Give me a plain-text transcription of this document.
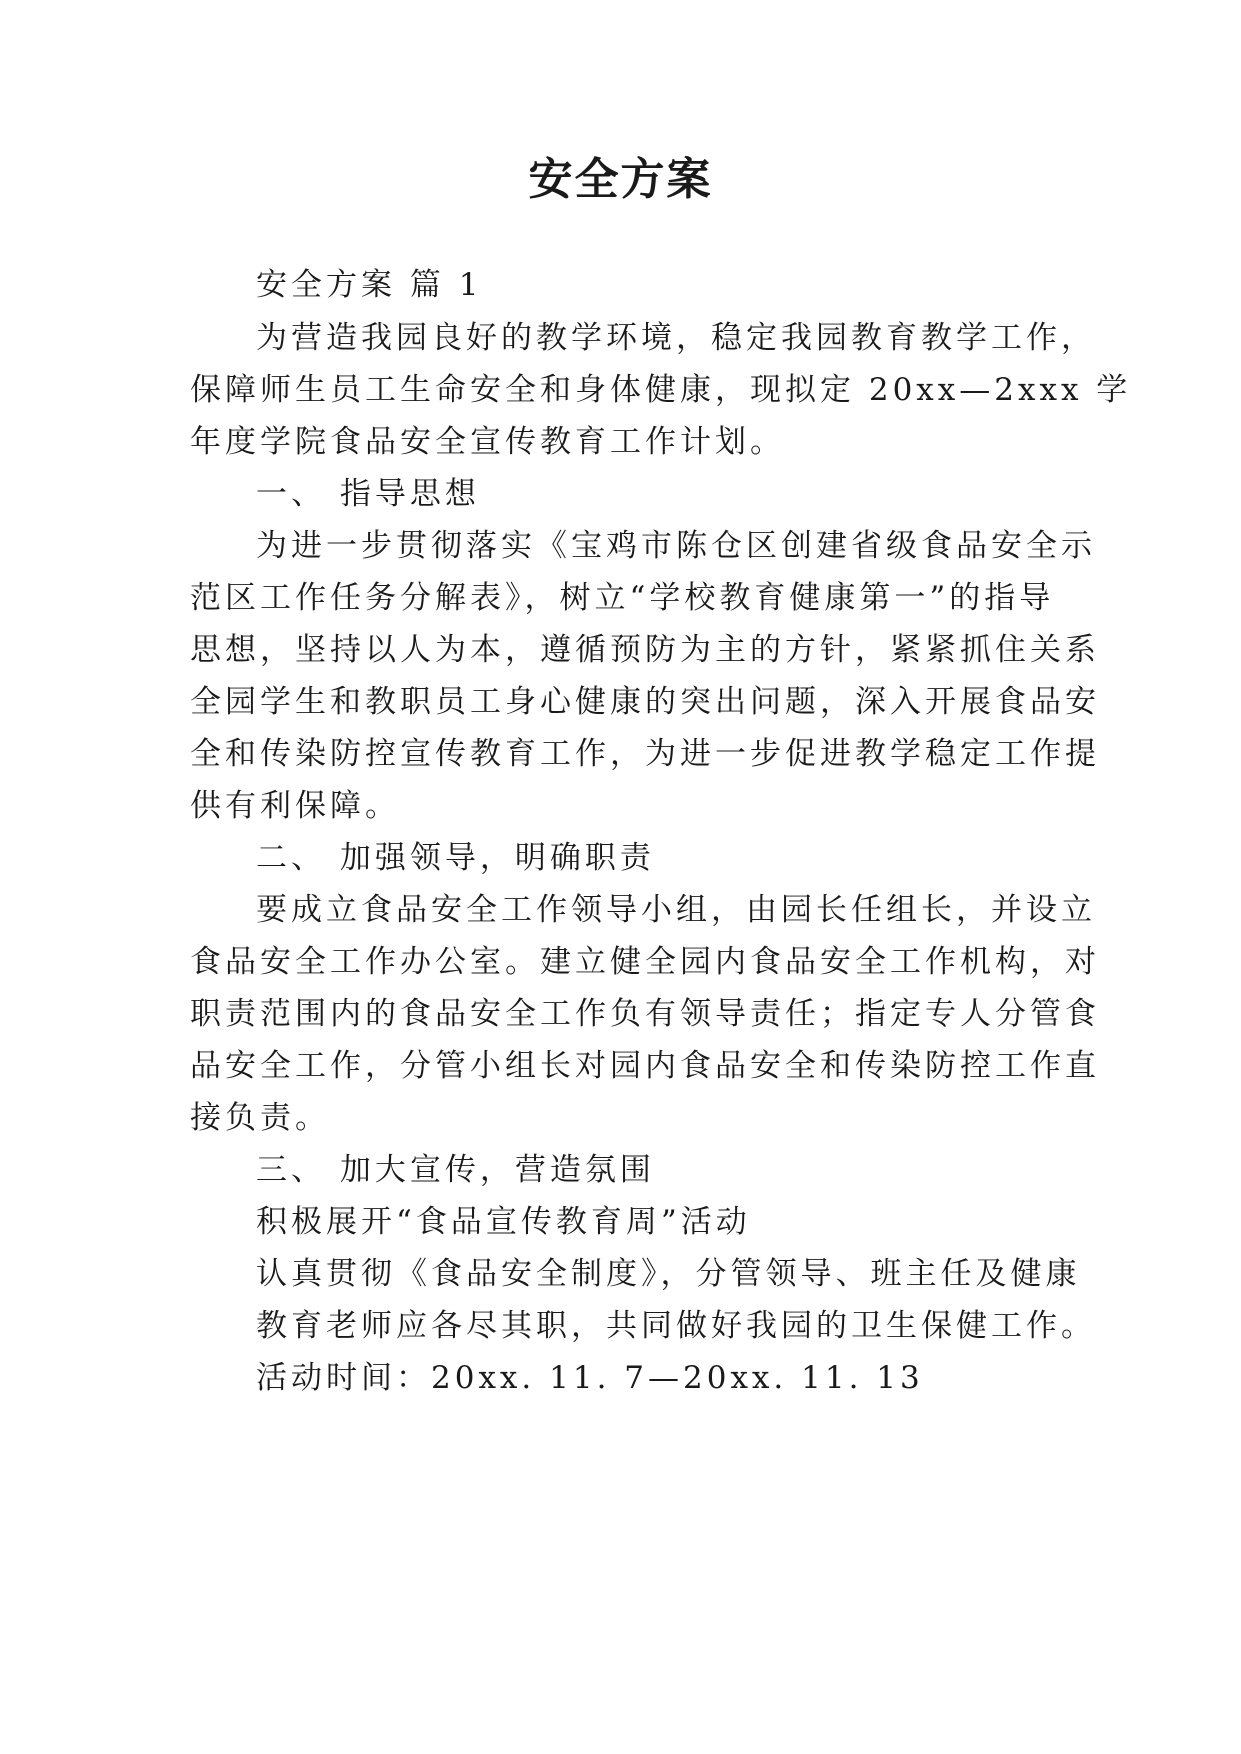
安全方案
安全方案 篇 1
为营造我园良好的教学环境，稳定我园教育教学工作，
保障师生员工生命安全和身体健康，现拟定 20xx—2xxx 学
年度学院食品安全宣传教育工作计划。
一、 指导思想
为进一步贯彻落实《宝鸡市陈仓区创建省级食品安全示
范区工作任务分解表》，树立“学校教育健康第一”的指导
思想，坚持以人为本，遵循预防为主的方针，紧紧抓住关系
全园学生和教职员工身心健康的突出问题，深入开展食品安
全和传染防控宣传教育工作，为进一步促进教学稳定工作提
供有利保障。
二、 加强领导，明确职责
要成立食品安全工作领导小组，由园长任组长，并设立
食品安全工作办公室。建立健全园内食品安全工作机构，对
职责范围内的食品安全工作负有领导责任；指定专人分管食
品安全工作，分管小组长对园内食品安全和传染防控工作直
接负责。
三、 加大宣传，营造氛围
积极展开“食品宣传教育周”活动
认真贯彻《食品安全制度》，分管领导、班主任及健康
教育老师应各尽其职，共同做好我园的卫生保健工作。
活动时间：20xx. 11. 7—20xx. 11. 13
